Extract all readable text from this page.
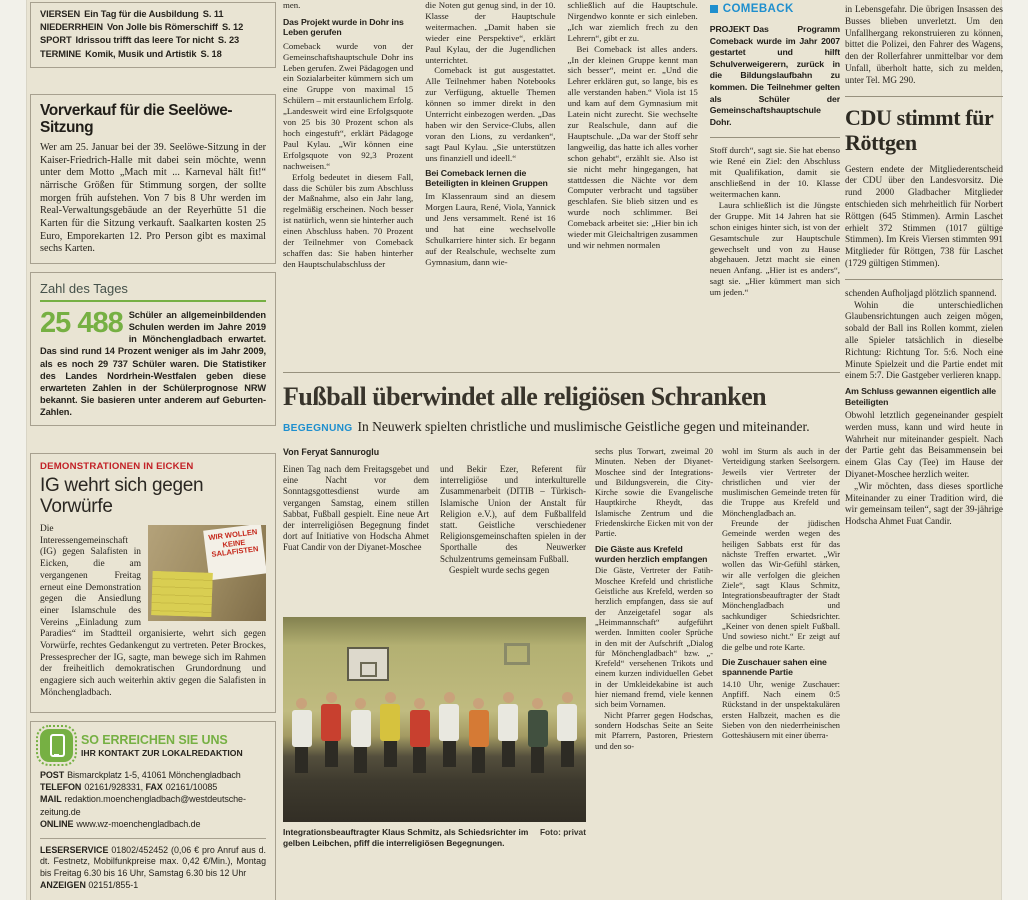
VIERSEN Ein Tag für die Ausbildung S. 11
NIEDERRHEIN Von Jolle bis Römerschiff S. 12
SPORT Idrissou trifft das leere Tor nicht S. 23
TERMINE Komik, Musik und Artistik S. 18
Vorverkauf für die Seelöwe-Sitzung

Wer am 25. Januar bei der 39. Seelöwe-Sitzung in der Kaiser-Friedrich-Halle mit dabei sein möchte, wenn unter dem Motto „Mach mit ... Karneval hält fit!“ närrische Größen für Stimmung sorgen, der sollte morgen früh aufstehen. Von 7 bis 8 Uhr werden im Real-Verwaltungsgebäude an der Reyerhütte 51 die Karten für die Sitzung verkauft. Saalkarten kosten 25 Euro, Emporekarten 12. Pro Person gibt es maximal sechs Karten.

Zahl des Tages

25 488 Schüler an allgemeinbildenden Schulen werden im Jahre 2019 in Mönchengladbach erwartet. Das sind rund 14 Prozent weniger als im Jahr 2009, als es noch 29 737 Schüler waren. Die Statistiker des Landes Nordrhein-Westfalen geben diese erwarteten Zahlen in der Schülerprognose NRW bekannt. Sie basieren unter anderem auf Geburten-Zahlen.

DEMONSTRATIONEN IN EICKEN
IG wehrt sich gegen Vorwürfe
WIR WOLLEN KEINE SALAFISTEN

Die Interessengemeinschaft (IG) gegen Salafisten in Eicken, die am vergangenen Freitag erneut eine Demonstration gegen die Ansiedlung einer Islamschule des Vereins „Einladung zum Paradies“ im Stadtteil organisierte, wehrt sich gegen Vorwürfe, rechtes Gedankengut zu vertreten. Peter Brockes, Pressesprecher der IG, sagte, man bewege sich im Rahmen der freiheitlich demokratischen Grundordnung und engagiere sich auch weiterhin aktiv gegen die Salafisten in Mönchengladbach.

SO ERREICHEN SIE UNS
IHR KONTAKT ZUR LOKALREDAKTION
POST Bismarckplatz 1-5, 41061 Mönchengladbach
TELEFON 02161/928331, FAX 02161/10085
MAIL redaktion.moenchengladbach@westdeutsche-zeitung.de
ONLINE www.wz-moenchengladbach.de

LESERSERVICE 01802/452452 (0,06 € pro Anruf aus d. dt. Festnetz, Mobilfunkpreise max. 0,42 €/Min.), Montag bis Freitag 6.30 bis 16 Uhr, Samstag 6.30 bis 12 Uhr

ANZEIGEN 02151/855-1

men.

Das Projekt wurde in Dohr ins Leben gerufen

Comeback wurde von der Gemeinschaftshauptschule Dohr ins Leben gerufen. Zwei Pädagogen und ein Sozialarbeiter kümmern sich um eine Gruppe von maximal 15 Schülern – mit erstaunlichem Erfolg. „Landesweit wird eine Erfolgsquote von 25 bis 30 Prozent schon als hoch eingestuft“, erklärt Pädagoge Paul Kylau. „Wir können eine Erfolgsquote von 92,3 Prozent nachweisen.“

Erfolg bedeutet in diesem Fall, dass die Schüler bis zum Abschluss der Maßnahme, also ein Jahr lang, regelmäßig erscheinen. Noch besser ist natürlich, wenn sie hinterher auch einen Abschluss haben. 70 Prozent der Teilnehmer von Comeback schaffen das: Sie haben hinterher den Hauptschulabschluss der

die Noten gut genug sind, in der 10. Klasse der Hauptschule weitermachen. „Damit haben sie wieder eine Perspektive“, erklärt Paul Kylau, der die Jugendlichen unterrichtet.

Comeback ist gut ausgestattet. Alle Teilnehmer haben Notebooks zur Verfügung, aktuelle Themen können so immer direkt in den Unterricht einbezogen werden. „Das haben wir den Service-Clubs, allen voran den Lions, zu verdanken“, sagt Paul Kylau. „Sie unterstützen uns finanziell und ideell.“

Bei Comeback lernen die Beteiligten in kleinen Gruppen

Im Klassenraum sind an diesem Morgen Laura, René, Viola, Yannick und Jens versammelt. René ist 16 und hat eine wechselvolle Schulkarriere hinter sich. Er begann auf der Realschule, wechselte zum Gymnasium, dann wie-

schließlich auf die Hauptschule. Nirgendwo konnte er sich einleben. „Ich war ziemlich frech zu den Lehrern“, gibt er zu.

Bei Comeback ist alles anders. „In der kleinen Gruppe kennt man sich besser“, meint er. „Und die Lehrer erklären gut, so lange, bis es alle verstanden haben.“ Viola ist 15 und kam auf dem Gymnasium mit Latein nicht zurecht. Sie wechselte zur Realschule, dann auf die Hauptschule. „Da war der Stoff sehr langweilig, das hatte ich alles vorher schon gehabt“, erzählt sie. Also ist sie nicht mehr hingegangen, hat stattdessen die Nächte vor dem Computer verbracht und tagsüber geschlafen. Sie blieb sitzen und es wurde noch schlimmer. Bei Comeback arbeitet sie: „Hier bin ich wieder mit Gleichaltrigen zusammen und wir nehmen normalen

COMEBACK

PROJEKT Das Programm Comeback wurde im Jahr 2007 gestartet und hilft Schulverweigerern, zurück in die Bildungslaufbahn zu kommen. Die Teilnehmer gelten als Schüler der Gemeinschaftshauptschule Dohr.

Stoff durch“, sagt sie. Sie hat ebenso wie René ein Ziel: den Abschluss mit Qualifikation, damit sie anschließend in der 10. Klasse weitermachen kann.

Laura schließlich ist die Jüngste der Gruppe. Mit 14 Jahren hat sie schon einiges hinter sich, ist von der Gesamtschule zur Hauptschule gewechselt und von zu Hause abgehauen. Jetzt macht sie einen neuen Anfang. „Hier ist es anders“, sagt sie. „Hier kümmert man sich um jeden.“

Fußball überwindet alle religiösen Schranken
BEGEGNUNG In Neuwerk spielten christliche und muslimische Geistliche gegen und miteinander.
Von Feryat Sannuroglu

Einen Tag nach dem Freitagsgebet und eine Nacht vor dem Sonntagsgottesdienst wurde am vergangen Samstag, einem stillen Sabbat, Fußball gespielt. Eine neue Art der interreligiösen Begegnung findet dort auf Initiative von Hodscha Ahmet Fuat Candir von der Diyanet-Moschee

und Bekir Ezer, Referent für interreligiöse und interkulturelle Zusammenarbeit (DITIB – Türkisch-Islamische Union der Anstalt für Religion e.V.), auf dem Fußballfeld statt. Geistliche verschiedener Religionsgemeinschaften spielen in der Sporthalle des Neuwerker Schulzentrums gemeinsam Fußball.

Gespielt wurde sechs gegen

Integrationsbeauftragter Klaus Schmitz, als Schiedsrichter im gelben Leibchen, pfiff die interreligiösen Begegnungen.
Foto: privat

sechs plus Torwart, zweimal 20 Minuten. Neben der Diyanet-Moschee sind der Integrations- und Bildungsverein, die City-Kirche sowie die Evangelische Hauptkirche Rheydt, das Islamische Zentrum und die Friedenskirche Eicken mit von der Partie.

Die Gäste aus Krefeld wurden herzlich empfangen

Die Gäste, Vertreter der Fatih-Moschee Krefeld und christliche Geistliche aus Krefeld, werden so herzlich empfangen, dass sie auf der Anzeigetafel sogar als „Heimmannschaft“ aufgeführt werden. Inmitten cooler Sprüche in den mit der Aufschrift „Dialog für Mönchengladbach“ bzw. „-Krefeld“ versehenen Trikots und einem kurzen individuellen Gebet in der Umkleidekabine ist auch hier niemand fremd, viele kennen sich beim Vornamen.

Nicht Pfarrer gegen Hodschas, sondern Hodschas Seite an Seite mit Pfarrern, Pastoren, Priestern und den so-

wohl im Sturm als auch in der Verteidigung starken Seelsorgern. Jeweils vier Vertreter der christlichen und vier der muslimischen Gemeinde treten für die Truppe aus Krefeld und Mönchengladbach an.

Freunde der jüdischen Gemeinde werden wegen des heiligen Sabbats erst für das nächste Treffen erwartet. „Wir wollen das Wir-Gefühl stärken, wir alle verfolgen die gleichen Ziele“, sagt Klaus Schmitz, Integrationsbeauftragter der Stadt Mönchengladbach und sachkundiger Schiedsrichter. „Keiner von denen spielt Fußball. Und sowieso nicht.“ Er zeigt auf die gelbe und rote Karte.

Die Zuschauer sahen eine spannende Partie

14.10 Uhr, wenige Zuschauer: Anpfiff. Nach einem 0:5 Rückstand in der unspektakulären ersten Halbzeit, machen es die Sieben von den niederrheinischen Gotteshäusern mit einer überra-

in Lebensgefahr. Die übrigen Insassen des Busses blieben unverletzt. Um den Unfallhergang rekonstruieren zu können, bittet die Polizei, den Fahrer des Wagens, den der Rollerfahrer unmittelbar vor dem Unfall, überholt hatte, sich zu melden, unter Tel. MG 290.

CDU stimmt für Röttgen

Gestern endete der Mitgliederentscheid der CDU über den Landesvorsitz. Die rund 2000 Gladbacher Mitglieder entschieden sich mehrheitlich für Norbert Röttgen (645 Stimmen). Armin Laschet erhielt 372 Stimmen (1017 gültige Stimmen). Im Kreis Viersen stimmten 991 Mitglieder für Röttgen, 738 für Laschet (1729 gültigen Stimmen).

schenden Aufholjagd plötzlich spannend.

Wohin die unterschiedlichen Glaubensrichtungen auch zeigen mögen, sobald der Ball ins Rollen kommt, zielen alle Spieler tatsächlich in dieselbe Richtung: Richtung Tor. 5:6. Noch eine Minute Spielzeit und die Partie endet mit einem 5:7. Die Gastgeber verlieren knapp.

Am Schluss gewannen eigentlich alle Beteiligten

Obwohl letztlich gegeneinander gespielt werden muss, kann und wird heute in Wahrheit nur miteinander gespielt. Nach der Partie geht das Beisammensein bei einem Glas Cay (Tee) im Hause der Diyanet-Moschee herzlich weiter.

„Wir möchten, dass dieses sportliche Miteinander zu einer Tradition wird, die wir gemeinsam teilen“, sagt der 39-jährige Hodscha Ahmet Fuat Candir.
